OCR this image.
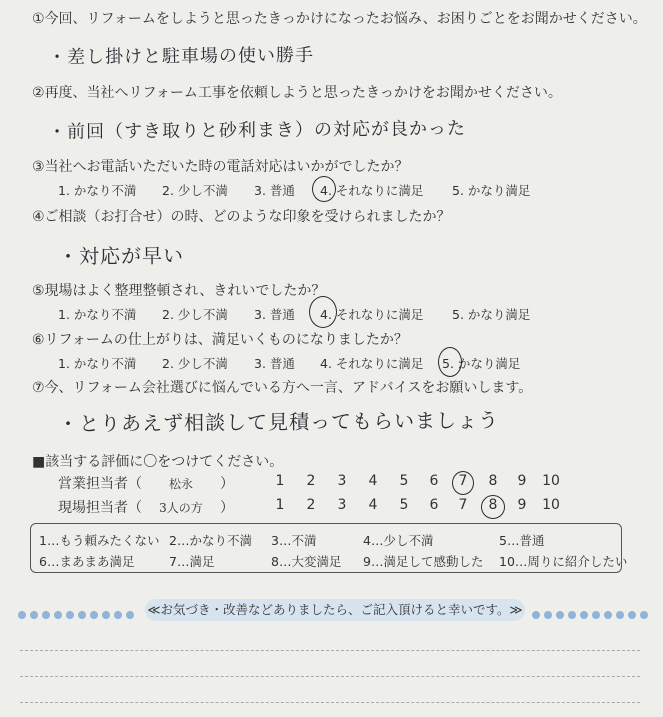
①今回、リフォームをしようと思ったきっかけになったお悩み、お困りごとをお聞かせください。
・差し掛けと駐車場の使い勝手
②再度、当社へリフォーム工事を依頼しようと思ったきっかけをお聞かせください。
・前回（すき取りと砂利まき）の対応が良かった
③当社へお電話いただいた時の電話対応はいかがでしたか？
1. かなり不満 2. 少し不満 3. 普通 4. それなりに満足 5. かなり満足
④ご相談（お打合せ）の時、どのような印象を受けられましたか？
・対応が早い
⑤現場はよく整理整頓され、きれいでしたか？
1. かなり不満 2. 少し不満 3. 普通 4. それなりに満足 5. かなり満足
⑥リフォームの仕上がりは、満足いくものになりましたか？
1. かなり不満 2. 少し不満 3. 普通 4. それなりに満足 5. かなり満足
⑦今、リフォーム会社選びに悩んでいる方へ一言、アドバイスをお願いします。
・とりあえず相談して見積ってもらいましょう
■該当する評価に〇をつけてください。
営業担当者（ 松永 ）	1	2	3	4	5	6	7	8	9	10
現場担当者（ 3人の方 ）	1	2	3	4	5	6	7	8	9	10
1…もう頼みたくない 2…かなり不満 3…不満	4…少し不満	5…普通
6…まあまあ満足	7…満足	8…大変満足 9…満足して感動した 10…周りに紹介したい
≪お気づき・改善などありましたら、ご記入頂けると幸いです。≫
